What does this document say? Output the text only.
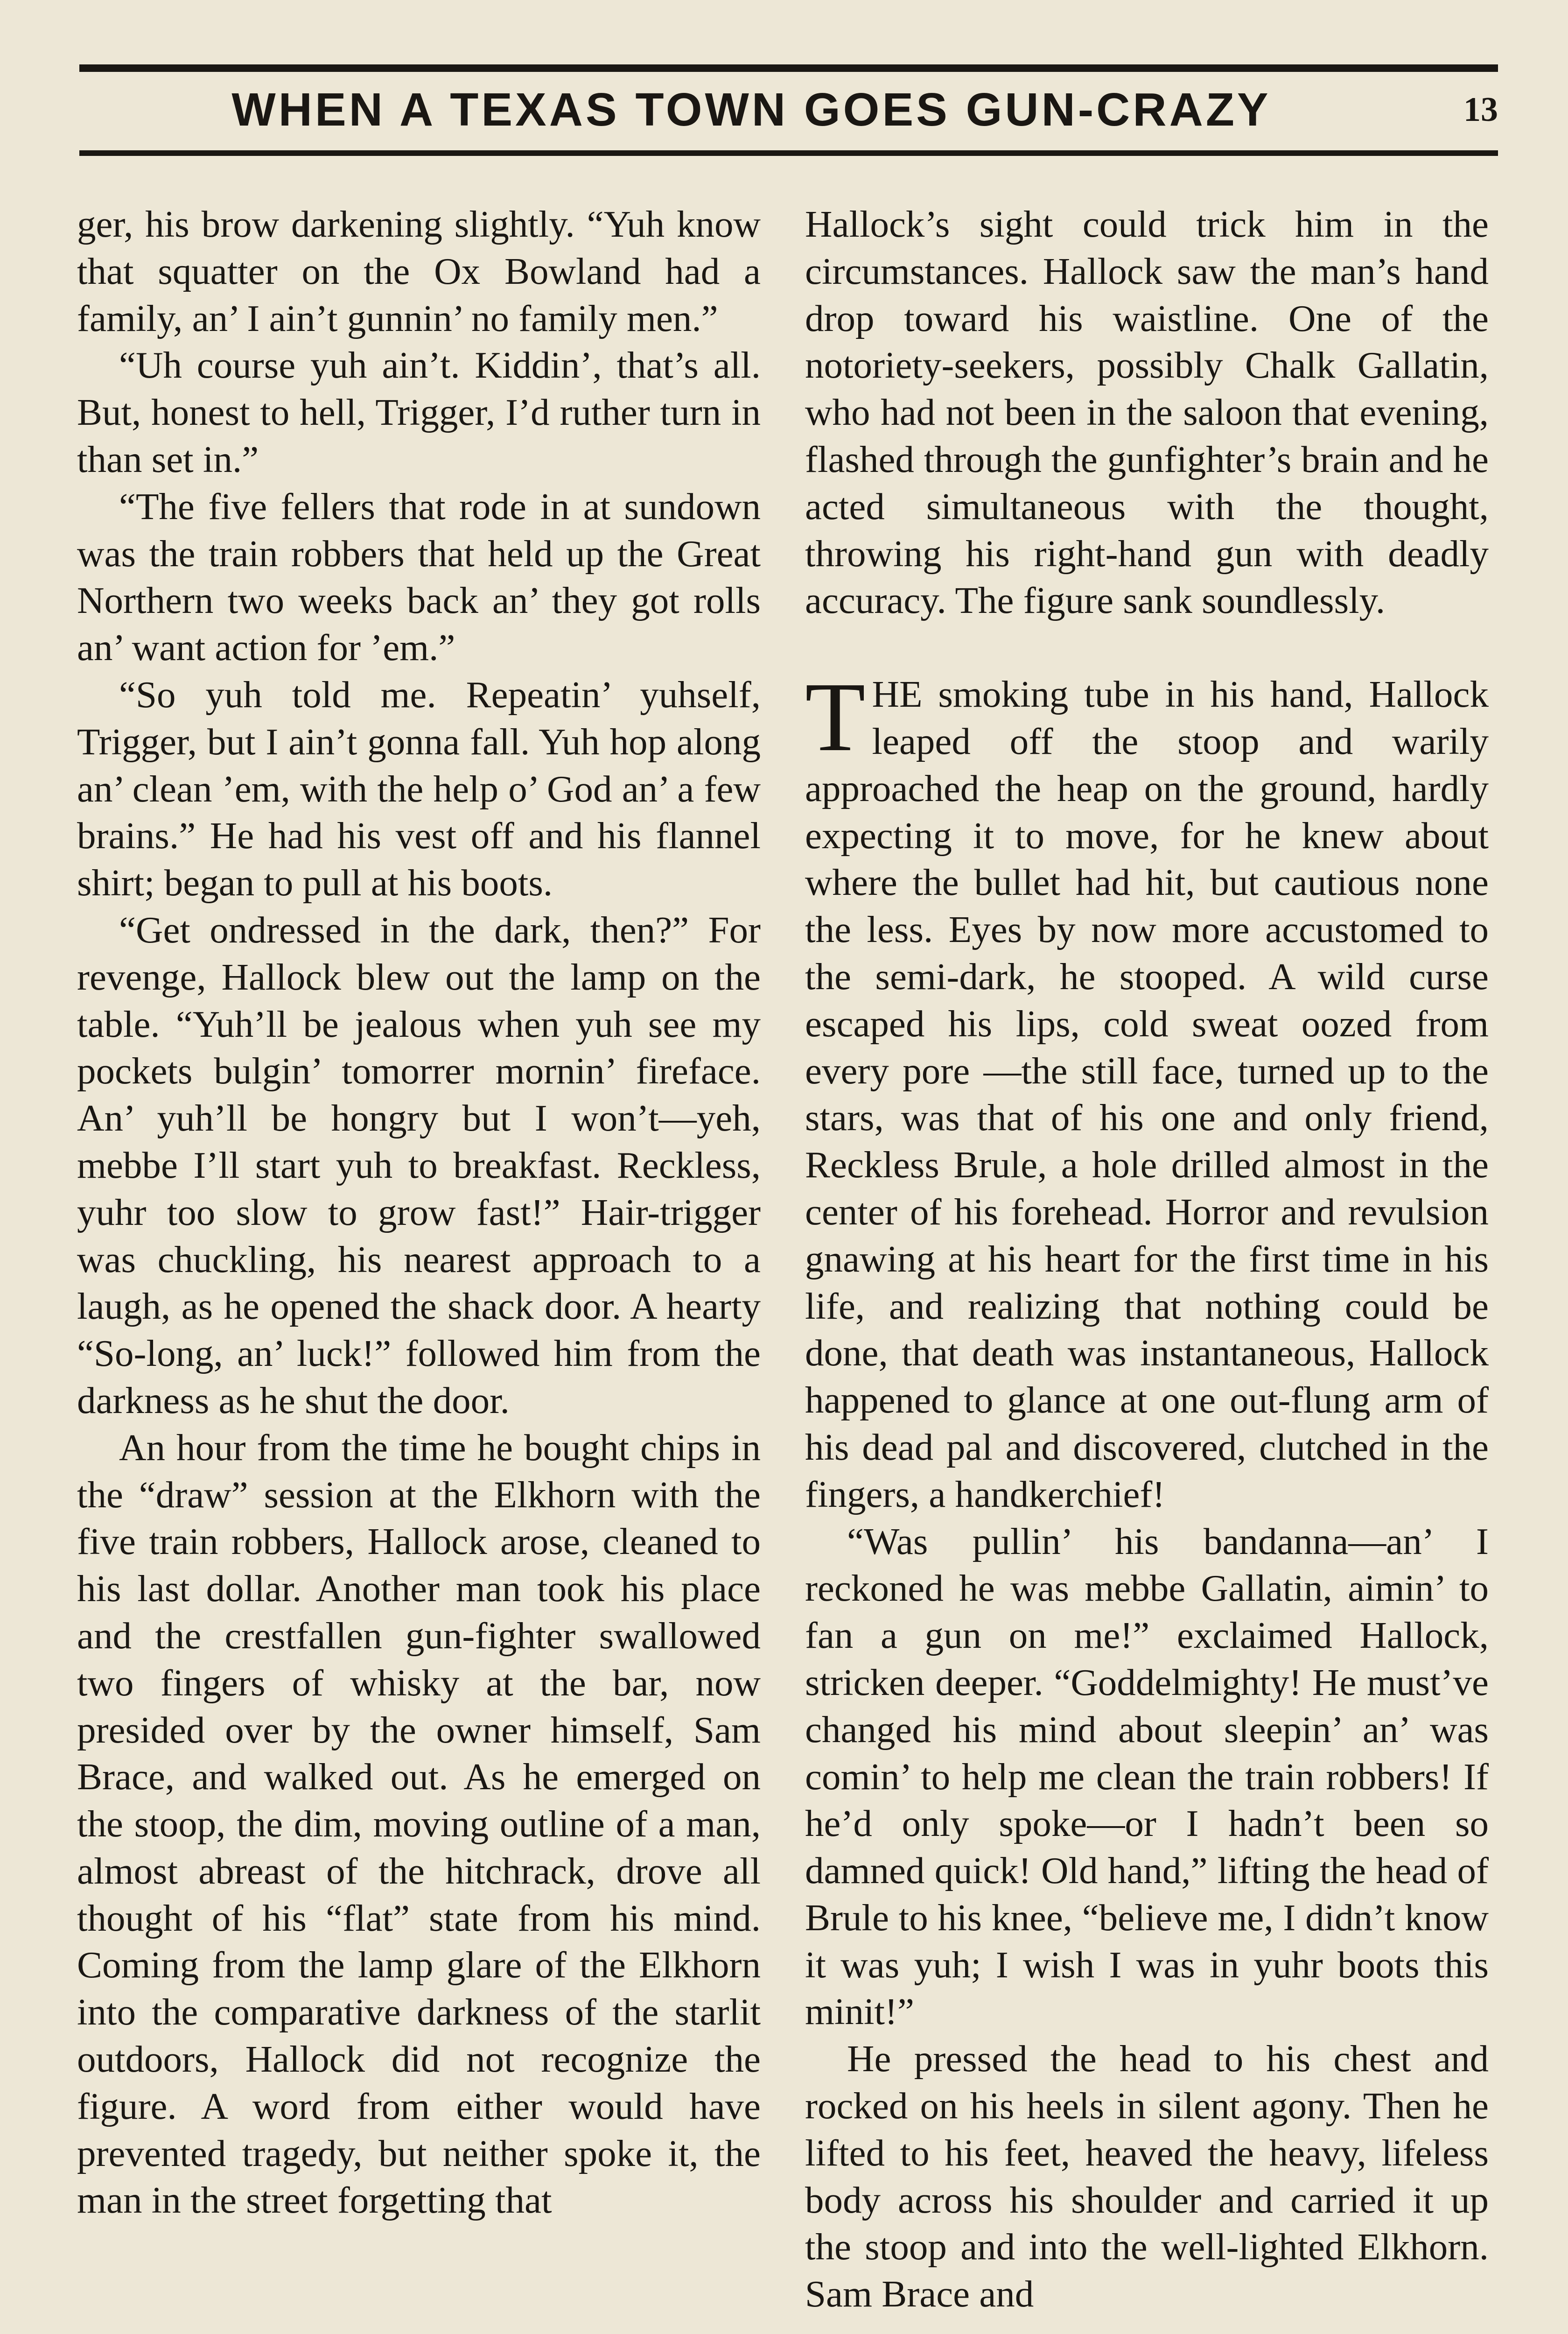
WHEN A TEXAS TOWN GOES GUN-CRAZY	13

ger, his brow darkening slightly. “Yuh know that squatter on the Ox Bowland had a family, an’ I ain’t gunnin’ no family men.”

“Uh course yuh ain’t. Kiddin’, that’s all. But, honest to hell, Trigger, I’d ruther turn in than set in.”

“The five fellers that rode in at sundown was the train robbers that held up the Great Northern two weeks back an’ they got rolls an’ want action for ’em.”

“So yuh told me. Repeatin’ yuhself, Trigger, but I ain’t gonna fall. Yuh hop along an’ clean ’em, with the help o’ God an’ a few brains.” He had his vest off and his flannel shirt; began to pull at his boots.

“Get ondressed in the dark, then?” For revenge, Hallock blew out the lamp on the table. “Yuh’ll be jealous when yuh see my pockets bulgin’ tomorrer mornin’ fireface. An’ yuh’ll be hongry but I won’t—yeh, mebbe I’ll start yuh to breakfast. Reckless, yuhr too slow to grow fast!” Hair-trigger was chuckling, his nearest approach to a laugh, as he opened the shack door. A hearty “So-long, an’ luck!” followed him from the darkness as he shut the door.

An hour from the time he bought chips in the “draw” session at the Elkhorn with the five train robbers, Hallock arose, cleaned to his last dollar. Another man took his place and the crestfallen gun-fighter swallowed two fingers of whisky at the bar, now presided over by the owner himself, Sam Brace, and walked out. As he emerged on the stoop, the dim, moving outline of a man, almost abreast of the hitchrack, drove all thought of his “flat” state from his mind. Coming from the lamp glare of the Elkhorn into the comparative darkness of the starlit outdoors, Hallock did not recognize the figure. A word from either would have prevented tragedy, but neither spoke it, the man in the street forgetting that

Hallock’s sight could trick him in the circumstances. Hallock saw the man’s hand drop toward his waistline. One of the notoriety-seekers, possibly Chalk Gallatin, who had not been in the saloon that evening, flashed through the gunfighter’s brain and he acted simultaneous with the thought, throwing his right-hand gun with deadly accuracy. The figure sank soundlessly.

THE smoking tube in his hand, Hallock leaped off the stoop and warily approached the heap on the ground, hardly expecting it to move, for he knew about where the bullet had hit, but cautious none the less. Eyes by now more accustomed to the semi-dark, he stooped. A wild curse escaped his lips, cold sweat oozed from every pore —the still face, turned up to the stars, was that of his one and only friend, Reckless Brule, a hole drilled almost in the center of his forehead. Horror and revulsion gnawing at his heart for the first time in his life, and realizing that nothing could be done, that death was instantaneous, Hallock happened to glance at one out-flung arm of his dead pal and discovered, clutched in the fingers, a handkerchief!

“Was pullin’ his bandanna—an’ I reckoned he was mebbe Gallatin, aimin’ to fan a gun on me!” exclaimed Hallock, stricken deeper. “Goddelmighty! He must’ve changed his mind about sleepin’ an’ was comin’ to help me clean the train robbers! If he’d only spoke—or I hadn’t been so damned quick! Old hand,” lifting the head of Brule to his knee, “believe me, I didn’t know it was yuh; I wish I was in yuhr boots this minit!”

He pressed the head to his chest and rocked on his heels in silent agony. Then he lifted to his feet, heaved the heavy, lifeless body across his shoulder and carried it up the stoop and into the well-lighted Elkhorn. Sam Brace and
